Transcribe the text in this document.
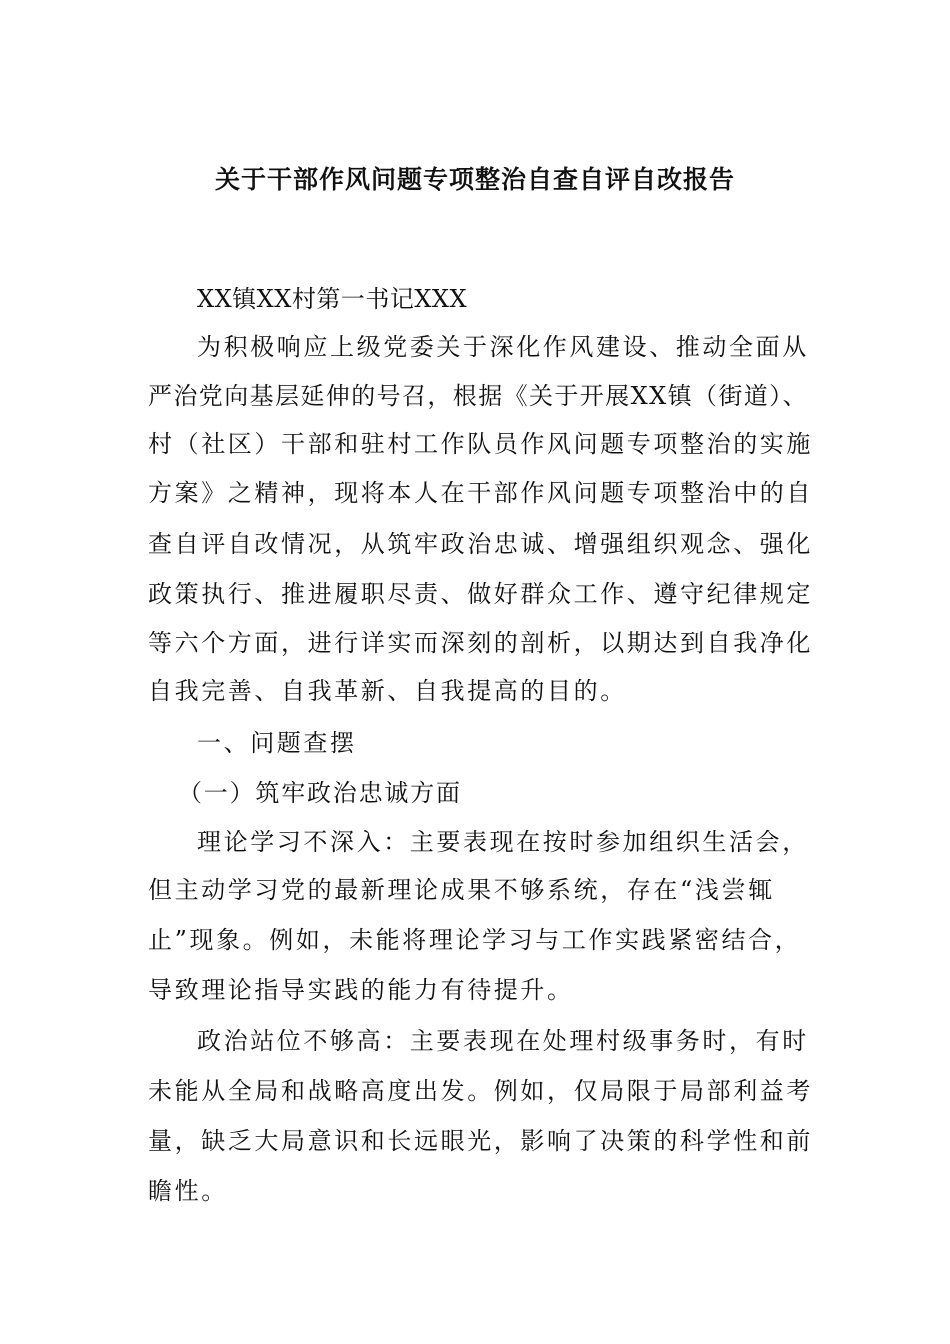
关于干部作风问题专项整治自查自评自改报告
XX镇XX村第一书记XXX
为积极响应上级党委关于深化作风建设、推动全面从
严治党向基层延伸的号召，根据《关于开展XX镇（街道）、
村（社区）干部和驻村工作队员作风问题专项整治的实施
方案》之精神，现将本人在干部作风问题专项整治中的自
查自评自改情况，从筑牢政治忠诚、增强组织观念、强化
政策执行、推进履职尽责、做好群众工作、遵守纪律规定
等六个方面，进行详实而深刻的剖析，以期达到自我净化
自我完善、自我革新、自我提高的目的。
一、问题查摆
（一）筑牢政治忠诚方面
理论学习不深入：主要表现在按时参加组织生活会，
但主动学习党的最新理论成果不够系统，存在“浅尝辄
止”现象。例如，未能将理论学习与工作实践紧密结合，
导致理论指导实践的能力有待提升。
政治站位不够高：主要表现在处理村级事务时，有时
未能从全局和战略高度出发。例如，仅局限于局部利益考
量，缺乏大局意识和长远眼光，影响了决策的科学性和前
瞻性。
